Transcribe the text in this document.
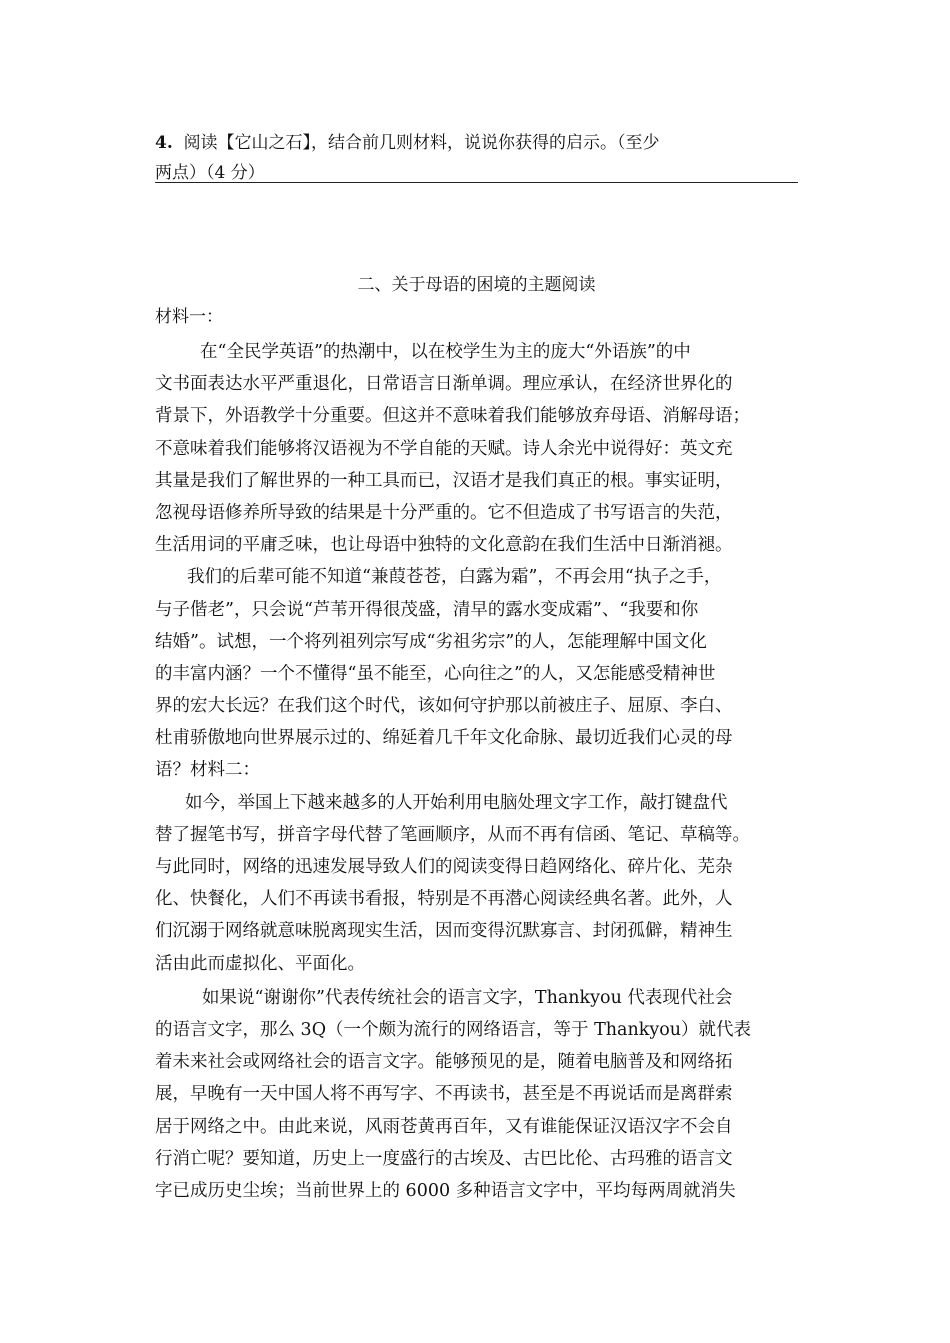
4. 阅读【它山之石】，结合前几则材料，说说你获得的启示。（至少
两点）（4 分）
二、关于母语的困境的主题阅读
材料一：
在“全民学英语”的热潮中，以在校学生为主的庞大“外语族”的中
文书面表达水平严重退化，日常语言日渐单调。理应承认，在经济世界化的
背景下，外语教学十分重要。但这并不意味着我们能够放弃母语、消解母语；
不意味着我们能够将汉语视为不学自能的天赋。诗人余光中说得好：英文充
其量是我们了解世界的一种工具而已，汉语才是我们真正的根。事实证明，
忽视母语修养所导致的结果是十分严重的。它不但造成了书写语言的失范，
生活用词的平庸乏味，也让母语中独特的文化意韵在我们生活中日渐消褪。
我们的后辈可能不知道“兼葭苍苍，白露为霜”，不再会用“执子之手，
与子偕老”，只会说“芦苇开得很茂盛，清早的露水变成霜”、“我要和你
结婚”。试想，一个将列祖列宗写成“劣祖劣宗”的人，怎能理解中国文化
的丰富内涵？一个不懂得“虽不能至，心向往之”的人，又怎能感受精神世
界的宏大长远？在我们这个时代，该如何守护那以前被庄子、屈原、李白、
杜甫骄傲地向世界展示过的、绵延着几千年文化命脉、最切近我们心灵的母
语？材料二：
如今，举国上下越来越多的人开始利用电脑处理文字工作，敲打键盘代
替了握笔书写，拼音字母代替了笔画顺序，从而不再有信函、笔记、草稿等。
与此同时，网络的迅速发展导致人们的阅读变得日趋网络化、碎片化、芜杂
化、快餐化，人们不再读书看报，特别是不再潜心阅读经典名著。此外，人
们沉溺于网络就意味脱离现实生活，因而变得沉默寡言、封闭孤僻，精神生
活由此而虚拟化、平面化。
如果说“谢谢你”代表传统社会的语言文字，Thankyou 代表现代社会
的语言文字，那么 3Q（一个颇为流行的网络语言，等于 Thankyou）就代表
着未来社会或网络社会的语言文字。能够预见的是，随着电脑普及和网络拓
展，早晚有一天中国人将不再写字、不再读书，甚至是不再说话而是离群索
居于网络之中。由此来说，风雨苍黄再百年，又有谁能保证汉语汉字不会自
行消亡呢？要知道，历史上一度盛行的古埃及、古巴比伦、古玛雅的语言文
字已成历史尘埃；当前世界上的 6000 多种语言文字中，平均每两周就消失
